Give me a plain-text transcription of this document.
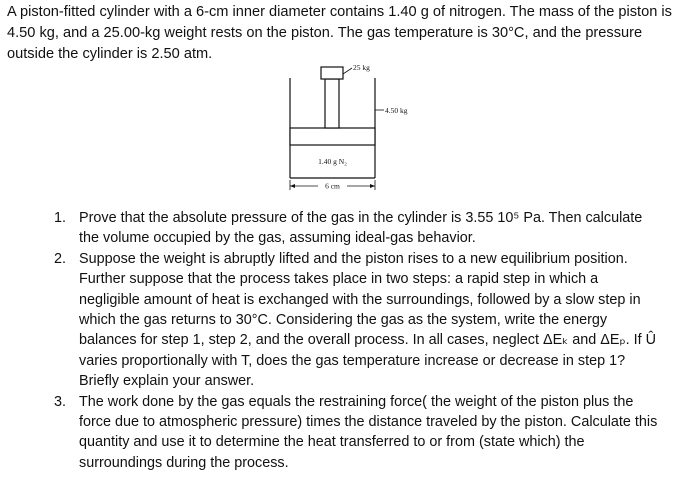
A piston-fitted cylinder with a 6-cm inner diameter contains 1.40 g of nitrogen. The mass of the piston is 4.50 kg, and a 25.00-kg weight rests on the piston. The gas temperature is 30°C, and the pressure outside the cylinder is 2.50 atm.

25 kg
4.50 kg
1.40 g N₂
6 cm
1. Prove that the absolute pressure of the gas in the cylinder is 3.55 10⁵ Pa. Then calculate the volume occupied by the gas, assuming ideal-gas behavior.
2. Suppose the weight is abruptly lifted and the piston rises to a new equilibrium position. Further suppose that the process takes place in two steps: a rapid step in which a negligible amount of heat is exchanged with the surroundings, followed by a slow step in which the gas returns to 30°C. Considering the gas as the system, write the energy balances for step 1, step 2, and the overall process. In all cases, neglect ΔEₖ and ΔEₚ. If Û varies proportionally with T, does the gas temperature increase or decrease in step 1? Briefly explain your answer.
3. The work done by the gas equals the restraining force( the weight of the piston plus the force due to atmospheric pressure) times the distance traveled by the piston. Calculate this quantity and use it to determine the heat transferred to or from (state which) the surroundings during the process.
